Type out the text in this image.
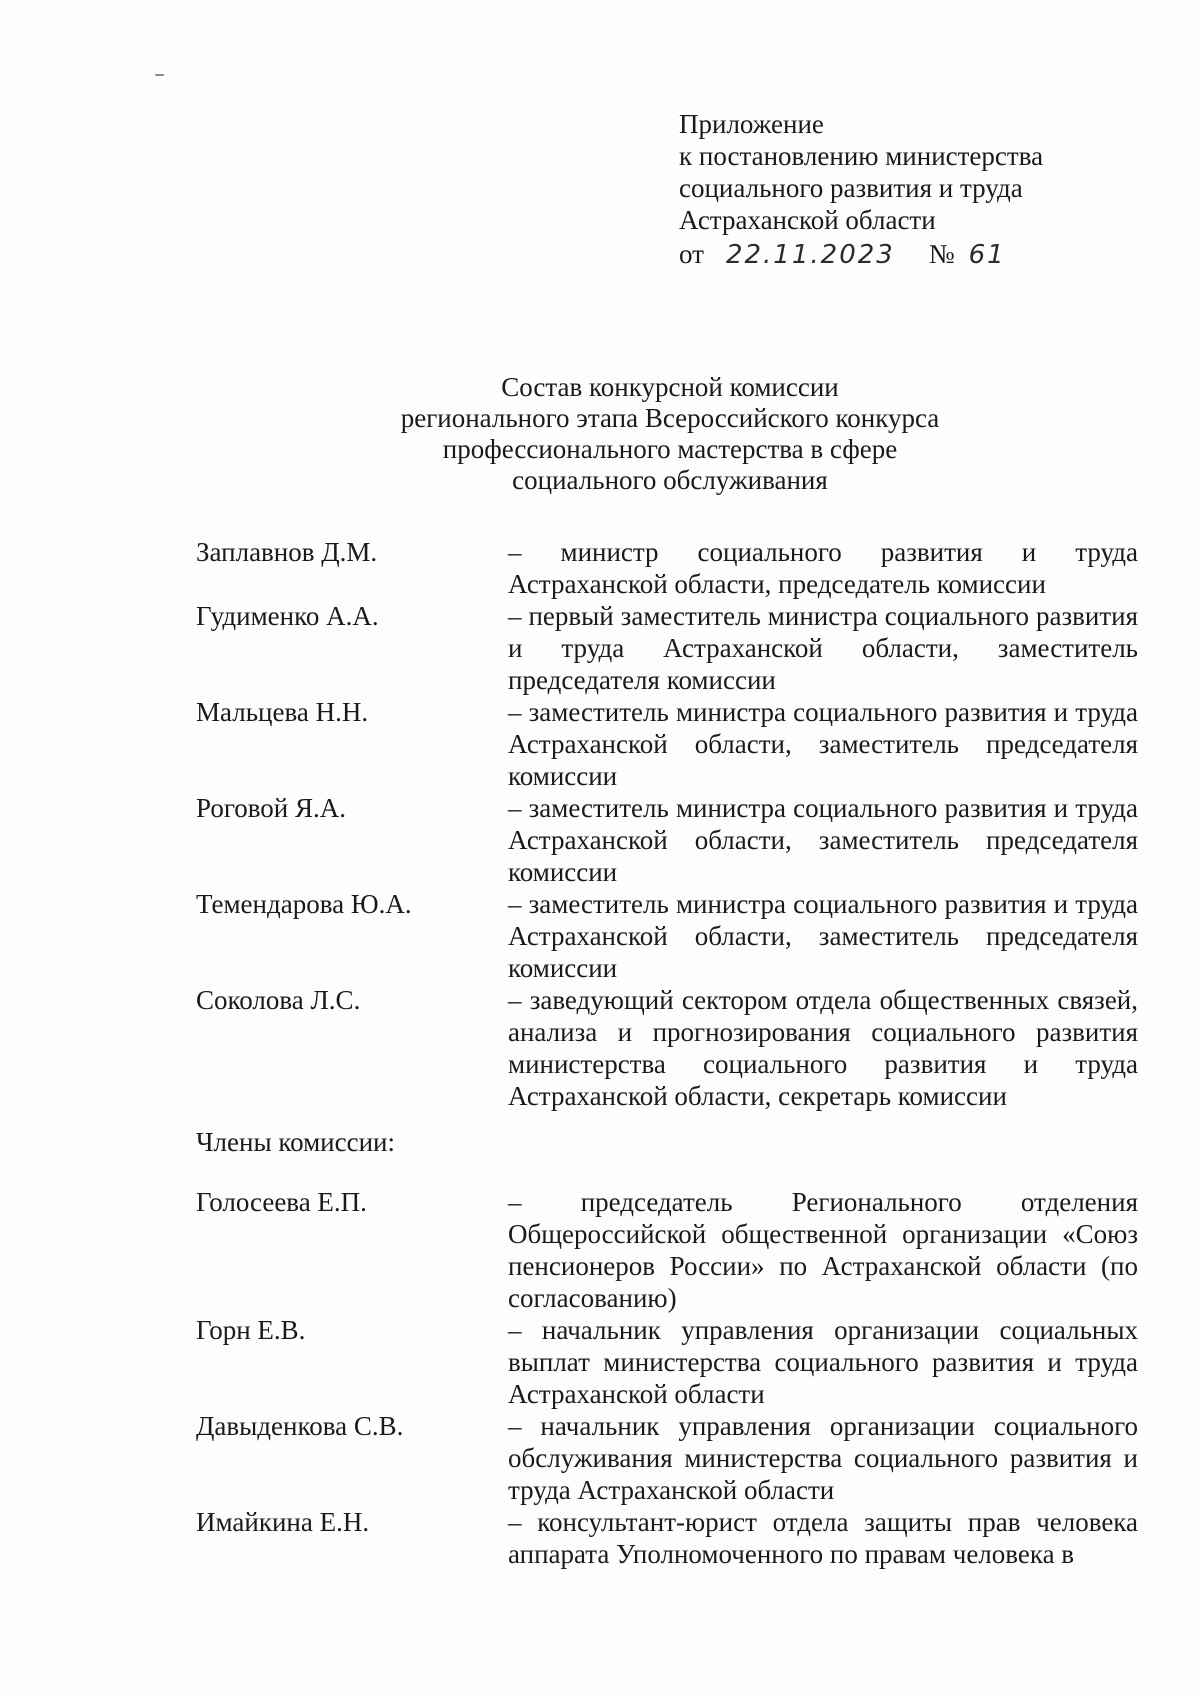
Приложение
к постановлению министерства
социального развития и труда
Астраханской области
от 22.11.2023 № 61
Состав конкурсной комиссии
регионального этапа Всероссийского конкурса
профессионального мастерства в сфере
социального обслуживания
Заплавнов Д.М.	– министр социального развития и труда Астраханской области, председатель комиссии
Гудименко А.А.	– первый заместитель министра социального развития и труда Астраханской области, заместитель председателя комиссии
Мальцева Н.Н.	– заместитель министра социального развития и труда Астраханской области, заместитель председателя комиссии
Роговой Я.А.	– заместитель министра социального развития и труда Астраханской области, заместитель председателя комиссии
Темендарова Ю.А.	– заместитель министра социального развития и труда Астраханской области, заместитель председателя комиссии
Соколова Л.С.	– заведующий сектором отдела общественных связей, анализа и прогнозирования социального развития министерства социального развития и труда Астраханской области, секретарь комиссии
Члены комиссии:
Голосеева Е.П.	– председатель Регионального отделения Общероссийской общественной организации «Союз пенсионеров России» по Астраханской области (по согласованию)
Горн Е.В.	– начальник управления организации социальных выплат министерства социального развития и труда Астраханской области
Давыденкова С.В.	– начальник управления организации социального обслуживания министерства социального развития и труда Астраханской области
Имайкина Е.Н.	– консультант-юрист отдела защиты прав человека аппарата Уполномоченного по правам человека в
